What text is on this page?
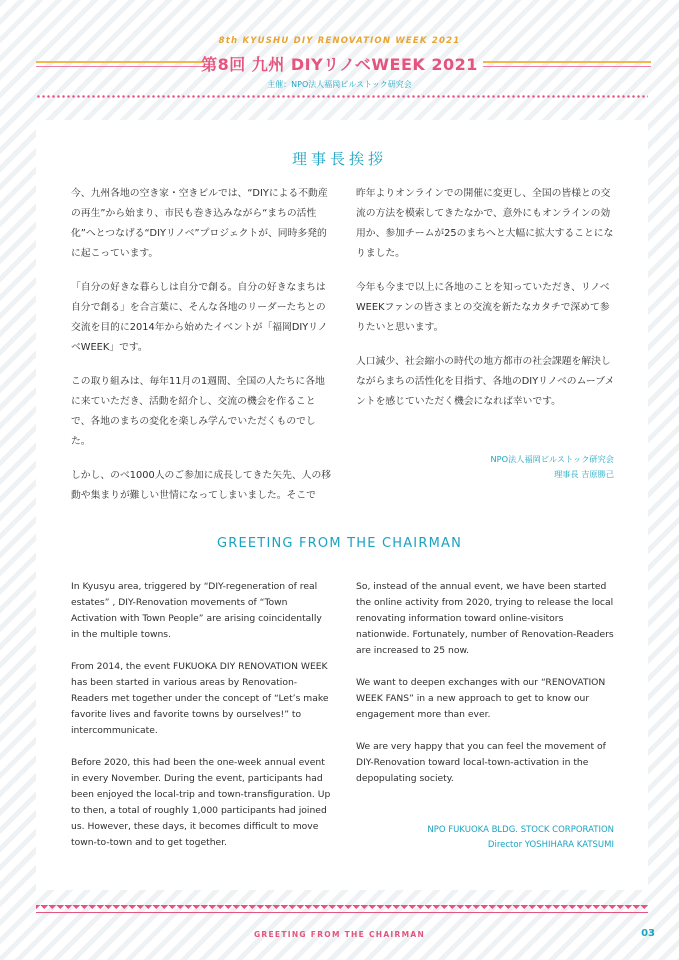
8th KYUSHU DIY RENOVATION WEEK 2021
第8回 九州 DIYリノベWEEK 2021
主催：NPO法人福岡ビルストック研究会
理事長挨拶

今、九州各地の空き家・空きビルでは、“DIYによる不動産の再生”から始まり、市民も巻き込みながら“まちの活性化”へとつなげる“DIYリノベ”プロジェクトが、同時多発的に起こっています。

「自分の好きな暮らしは自分で創る。自分の好きなまちは自分で創る」を合言葉に、そんな各地のリーダーたちとの交流を目的に2014年から始めたイベントが「福岡DIYリノベWEEK」です。

この取り組みは、毎年11月の1週間、全国の人たちに各地に来ていただき、活動を紹介し、交流の機会を作ることで、各地のまちの変化を楽しみ学んでいただくものでした。

しかし、のべ1000人のご参加に成長してきた矢先、人の移動や集まりが難しい世情になってしまいました。そこで

昨年よりオンラインでの開催に変更し、全国の皆様との交流の方法を模索してきたなかで、意外にもオンラインの効用か、参加チームが25のまちへと大幅に拡大することになりました。

今年も今まで以上に各地のことを知っていただき、リノベWEEKファンの皆さまとの交流を新たなカタチで深めて参りたいと思います。

人口減少、社会縮小の時代の地方都市の社会課題を解決しながらまちの活性化を目指す、各地のDIYリノベのムーブメントを感じていただく機会になれば幸いです。

NPO法人福岡ビルストック研究会
理事長 吉原勝己
GREETING FROM THE CHAIRMAN

In Kyusyu area, triggered by “DIY-regeneration of real estates” , DIY-Renovation movements of “Town Activation with Town People” are arising coincidentally in the multiple towns.

From 2014, the event FUKUOKA DIY RENOVATION WEEK has been started in various areas by Renovation-Readers met together under the concept of “Let’s make favorite lives and favorite towns by ourselves!” to intercommunicate.

Before 2020, this had been the one-week annual event in every November. During the event, participants had been enjoyed the local-trip and town-transfiguration. Up to then, a total of roughly 1,000 participants had joined us. However, these days, it becomes difficult to move town-to-town and to get together.

So, instead of the annual event, we have been started the online activity from 2020, trying to release the local renovating information toward online-visitors nationwide. Fortunately, number of Renovation-Readers are increased to 25 now.

We want to deepen exchanges with our “RENOVATION WEEK FANS” in a new approach to get to know our engagement more than ever.

We are very happy that you can feel the movement of DIY-Renovation toward local-town-activation in the depopulating society.

NPO FUKUOKA BLDG. STOCK CORPORATION
Director YOSHIHARA KATSUMI
GREETING FROM THE CHAIRMAN	03
